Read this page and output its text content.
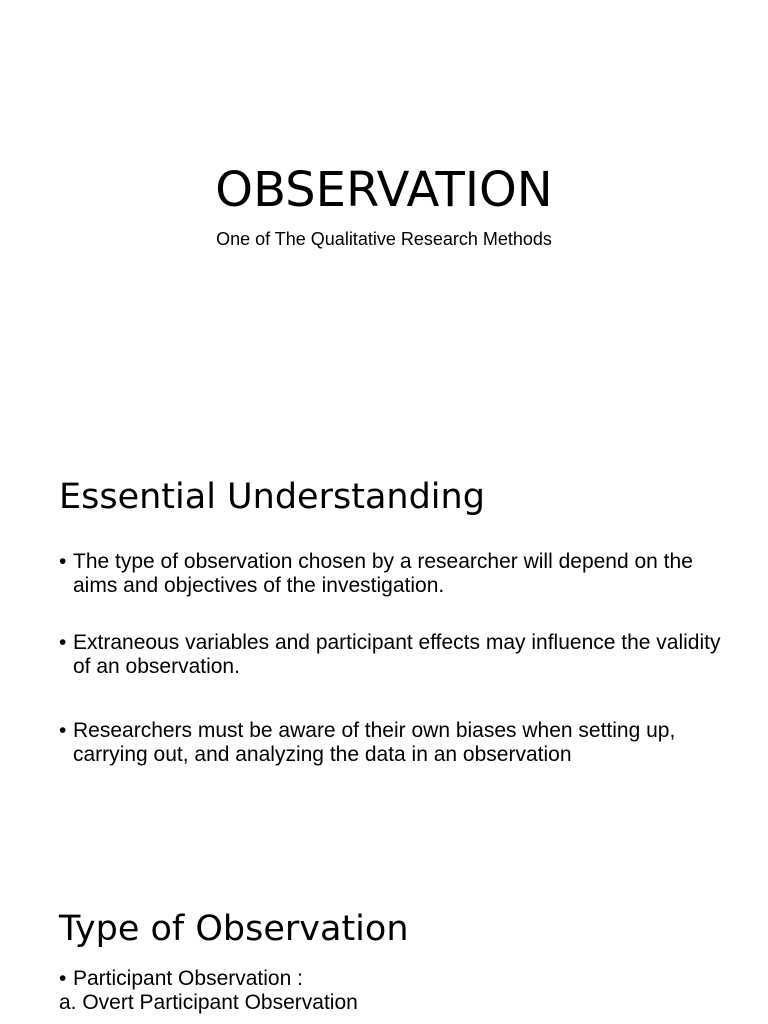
OBSERVATION

One of The Qualitative Research Methods

Essential Understanding

• The type of observation chosen by a researcher will depend on the aims and objectives of the investigation.

• Extraneous variables and participant effects may influence the validity of an observation.

• Researchers must be aware of their own biases when setting up, carrying out, and analyzing the data in an observation

Type of Observation

• Participant Observation :

a. Overt Participant Observation
